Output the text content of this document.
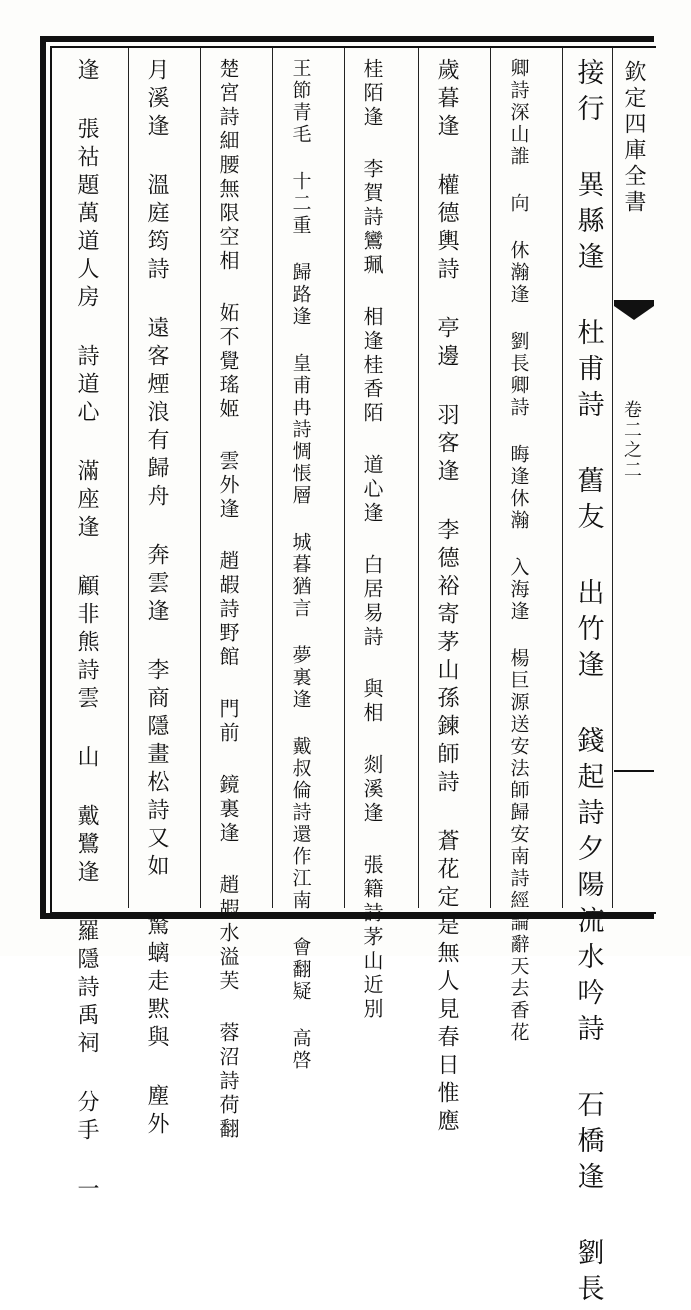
欽定四庫全書
卷二之二
接行 異縣逢 杜甫詩 舊友 出竹逢 錢起詩夕陽流水吟詩 石橋逢 劉長
卿詩深山誰 向 休瀚逢 劉長卿詩 晦逢休瀚 入海逢 楊巨源送安法師歸安南詩經論辭天去香花
歲暮逢 權德輿詩 亭邊 羽客逢 李德裕寄茅山孫鍊師詩 蒼花定是無人見春日惟應
桂陌逢 李賀詩鸞珮 相逢桂香陌 道心逢 白居易詩 與相 剡溪逢 張籍詩茅山近別
王節青毛 十二重 歸路逢 皇甫冉詩惆悵層 城暮猶言 夢裏逢 戴叔倫詩還作江南 會翻疑 高啓
楚宮詩細腰無限空相 妬不覺瑤姬 雲外逢 趙嘏詩野館 門前 鏡裏逢 趙嘏水溢芙 蓉沼詩荷翻
月溪逢 溫庭筠詩 遠客煙浪有歸舟 奔雲逢 李商隱畫松詩又如 驚螭走黙與 塵外
逢 張祜題萬道人房 詩道心 滿座逢 顧非熊詩雲 山 戴鷺逢 羅隱詩禹祠 分手 一
